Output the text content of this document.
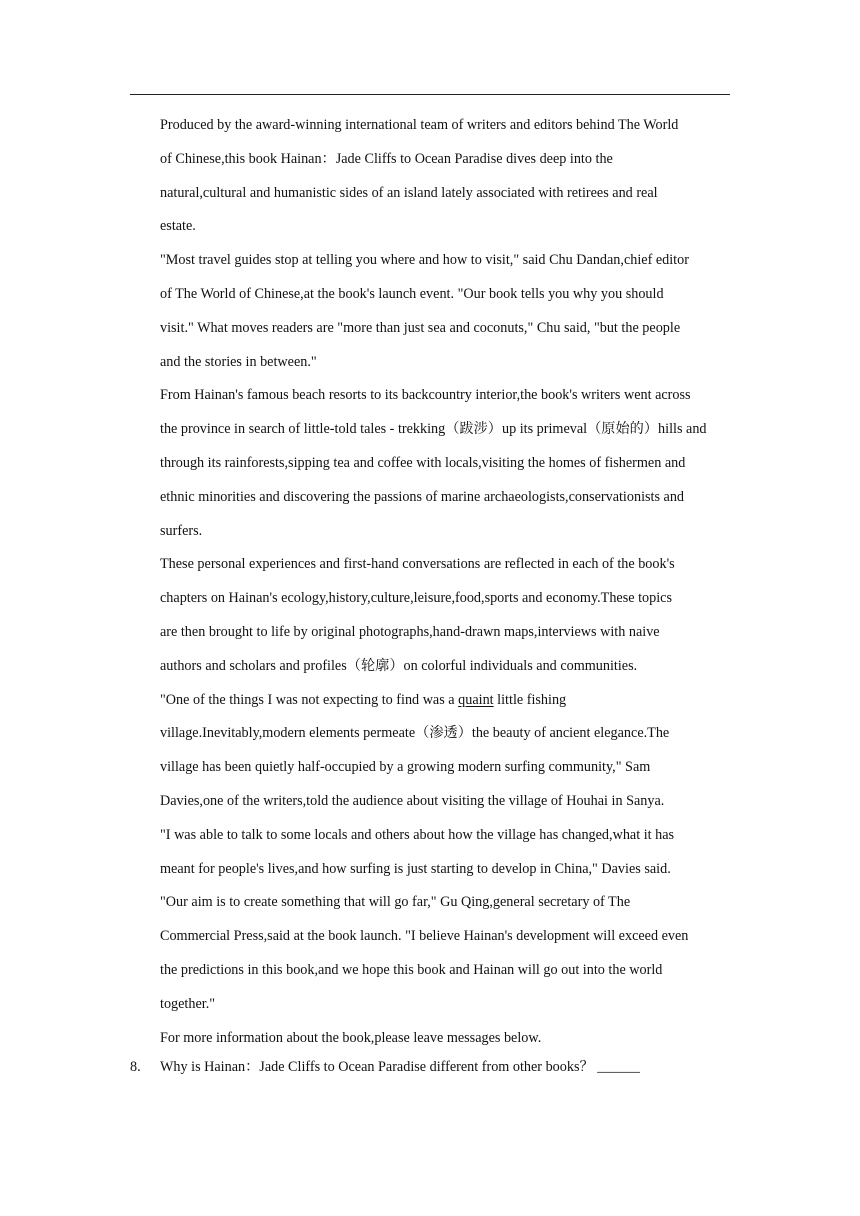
Produced by the award-winning international team of writers and editors behind The World
of Chinese,this book Hainan：Jade Cliffs to Ocean Paradise dives deep into the
natural,cultural and humanistic sides of an island lately associated with retirees and real
estate.
"Most travel guides stop at telling you where and how to visit," said Chu Dandan,chief editor
of The World of Chinese,at the book's launch event. "Our book tells you why you should
visit." What moves readers are "more than just sea and coconuts," Chu said, "but the people
and the stories in between."
From Hainan's famous beach resorts to its backcountry interior,the book's writers went across
the province in search of little-told tales - trekking（跋涉）up its primeval（原始的）hills and
through its rainforests,sipping tea and coffee with locals,visiting the homes of fishermen and
ethnic minorities and discovering the passions of marine archaeologists,conservationists and
surfers.
These personal experiences and first-hand conversations are reflected in each of the book's
chapters on Hainan's ecology,history,culture,leisure,food,sports and economy.These topics
are then brought to life by original photographs,hand-drawn maps,interviews with naive
authors and scholars and profiles（轮廓）on colorful individuals and communities.
"One of the things I was not expecting to find was a quaint little fishing
village.Inevitably,modern elements permeate（渗透）the beauty of ancient elegance.The
village has been quietly half-occupied by a growing modern surfing community," Sam
Davies,one of the writers,told the audience about visiting the village of Houhai in Sanya.
"I was able to talk to some locals and others about how the village has changed,what it has
meant for people's lives,and how surfing is just starting to develop in China," Davies said.
"Our aim is to create something that will go far," Gu Qing,general secretary of The
Commercial Press,said at the book launch. "I believe Hainan's development will exceed even
the predictions in this book,and we hope this book and Hainan will go out into the world
together."
For more information about the book,please leave messages below.
8. Why is Hainan：Jade Cliffs to Ocean Paradise different from other books？ ______
